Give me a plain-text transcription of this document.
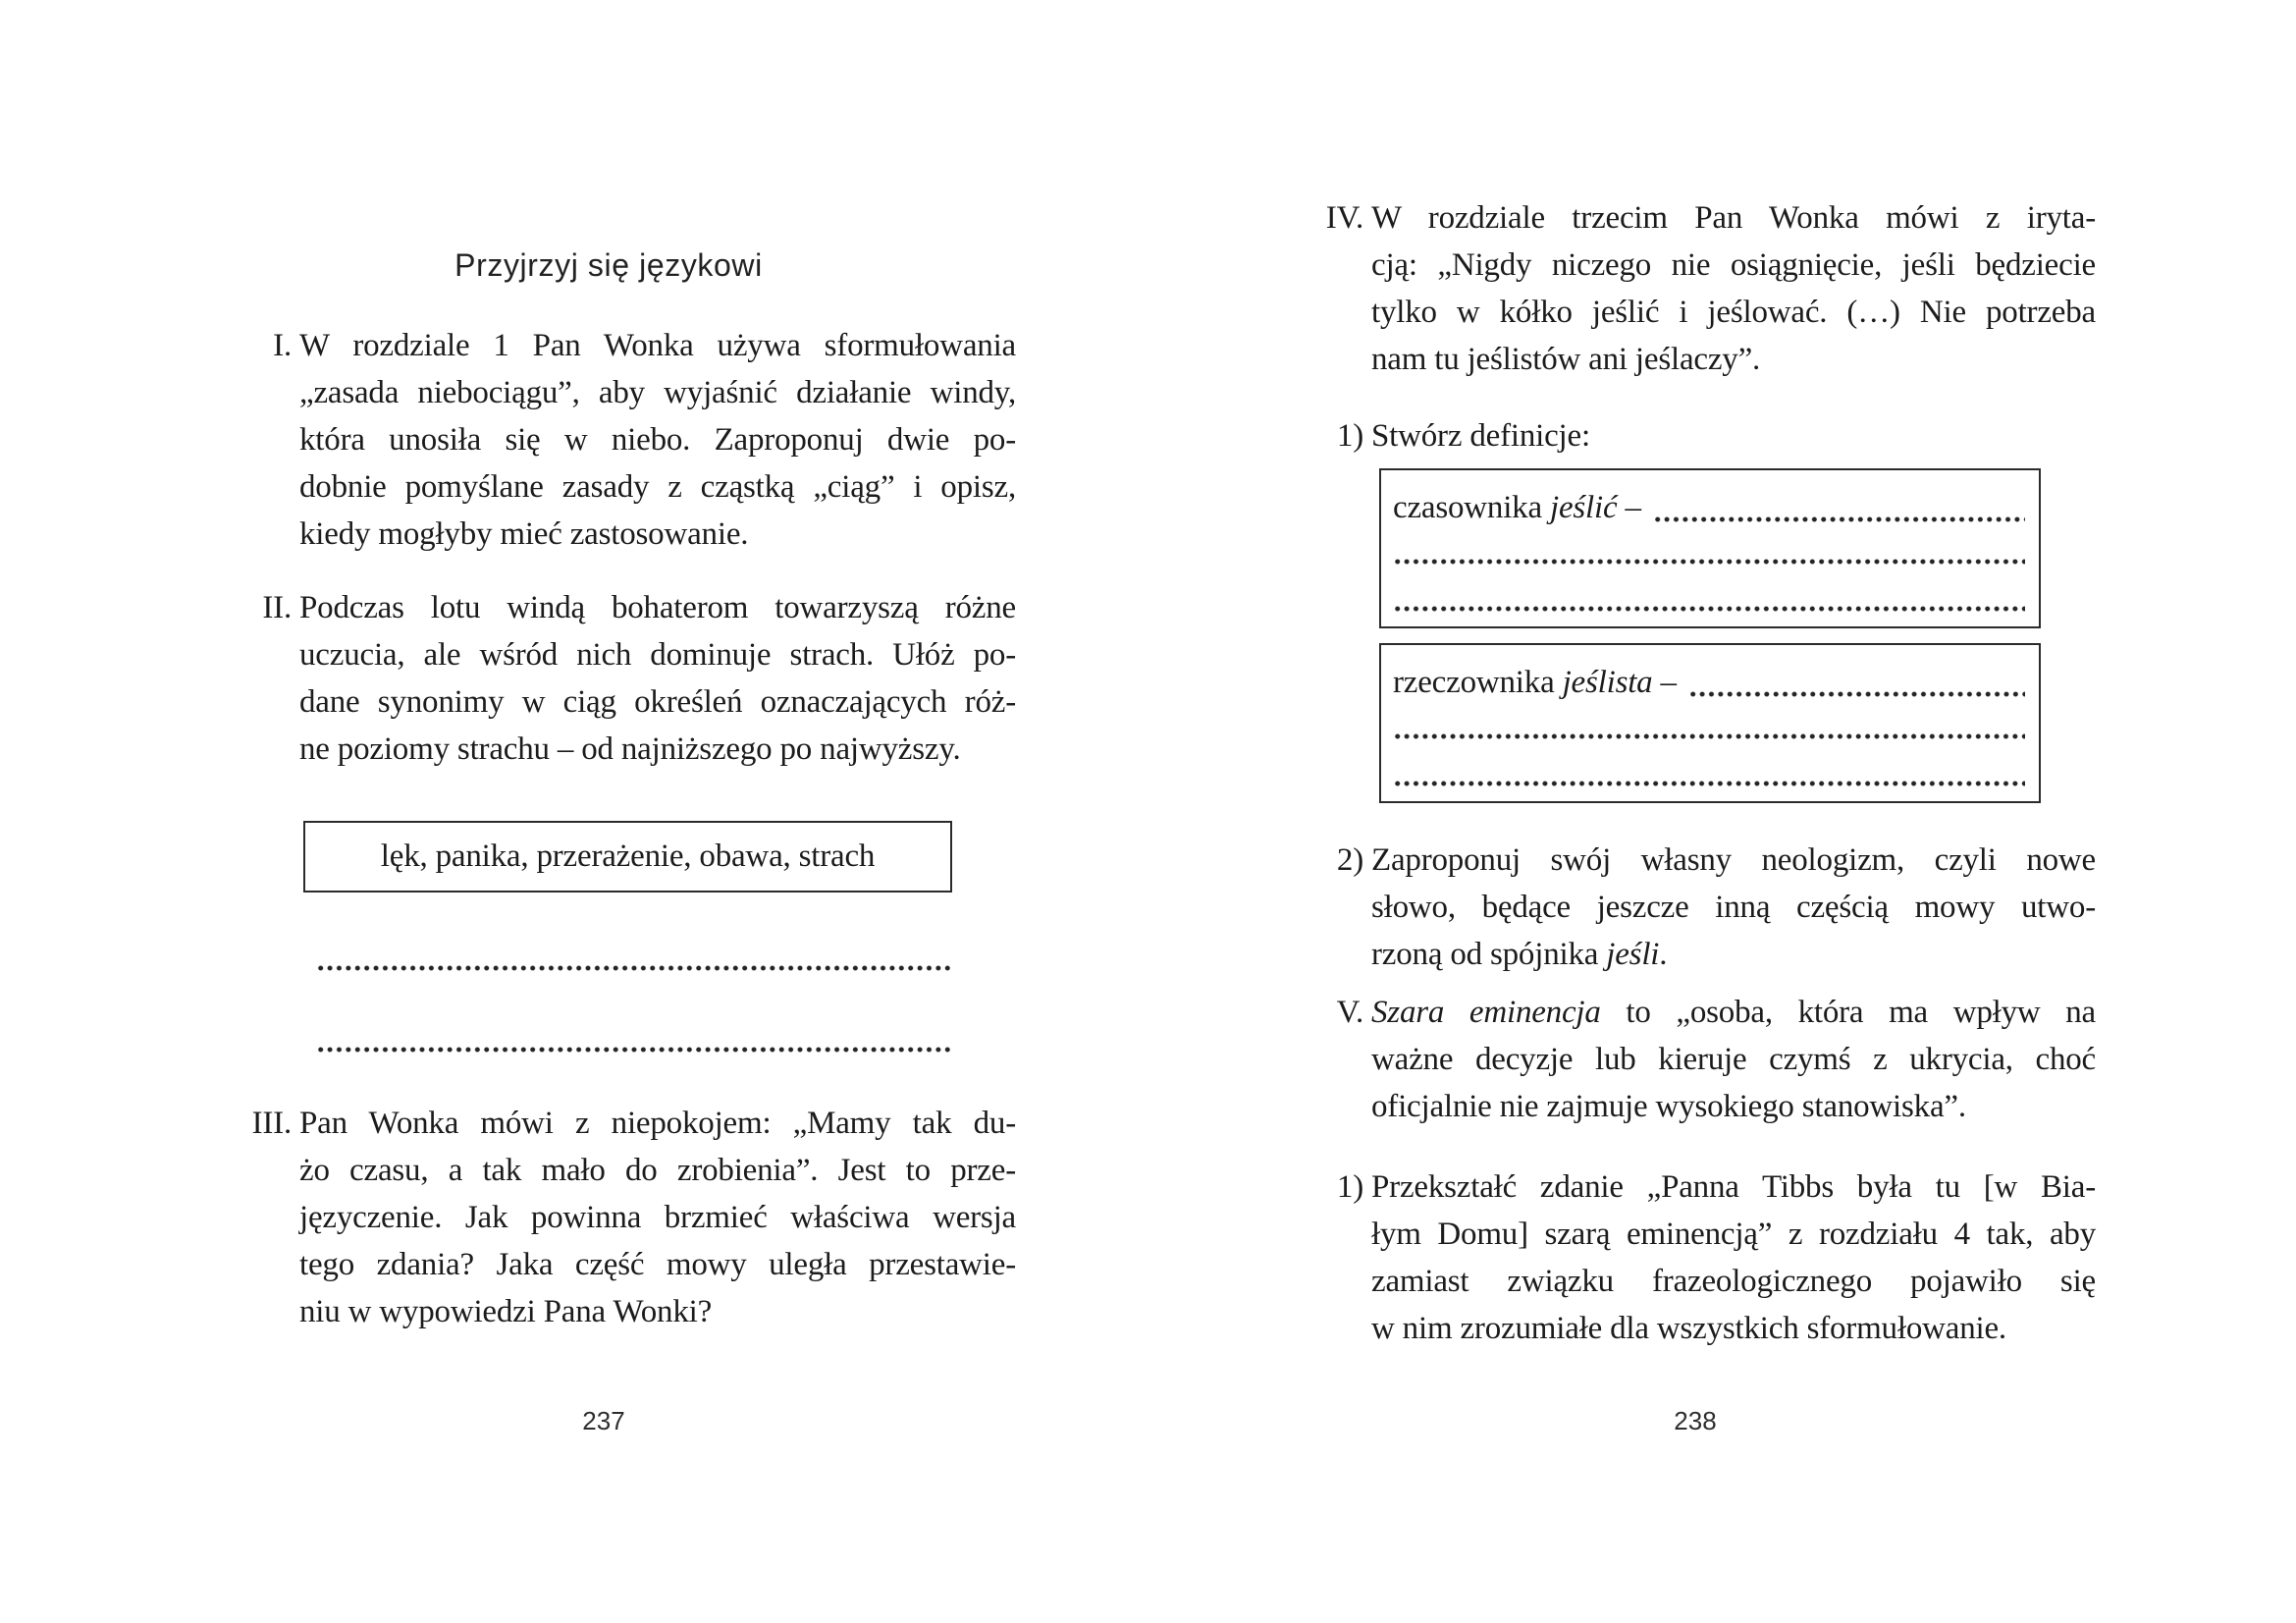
Przyjrzyj się językowi
I. W rozdziale 1 Pan Wonka używa sformułowania
„zasada niebociągu”, aby wyjaśnić działanie windy,
która unosiła się w niebo. Zaproponuj dwie po-
dobnie pomyślane zasady z cząstką „ciąg” i opisz,
kiedy mogłyby mieć zastosowanie.
II. Podczas lotu windą bohaterom towarzyszą różne
uczucia, ale wśród nich dominuje strach. Ułóż po-
dane synonimy w ciąg określeń oznaczających róż-
ne poziomy strachu – od najniższego po najwyższy.
lęk, panika, przerażenie, obawa, strach
III. Pan Wonka mówi z niepokojem: „Mamy tak du-
żo czasu, a tak mało do zrobienia”. Jest to prze-
języczenie. Jak powinna brzmieć właściwa wersja
tego zdania? Jaka część mowy uległa przestawie-
niu w wypowiedzi Pana Wonki?
237
IV. W rozdziale trzecim Pan Wonka mówi z iryta-
cją: „Nigdy niczego nie osiągnięcie, jeśli będziecie
tylko w kółko jeślić i jeślować. (…) Nie potrzeba
nam tu jeślistów ani jeślaczy”.
1) Stwórz definicje:
czasownika jeślić –
rzeczownika jeślista –
2) Zaproponuj swój własny neologizm, czyli nowe
słowo, będące jeszcze inną częścią mowy utwo-
rzoną od spójnika jeśli.
V. Szara eminencja to „osoba, która ma wpływ na
ważne decyzje lub kieruje czymś z ukrycia, choć
oficjalnie nie zajmuje wysokiego stanowiska”.
1) Przekształć zdanie „Panna Tibbs była tu [w Bia-
łym Domu] szarą eminencją” z rozdziału 4 tak, aby
zamiast związku frazeologicznego pojawiło się
w nim zrozumiałe dla wszystkich sformułowanie.
238
